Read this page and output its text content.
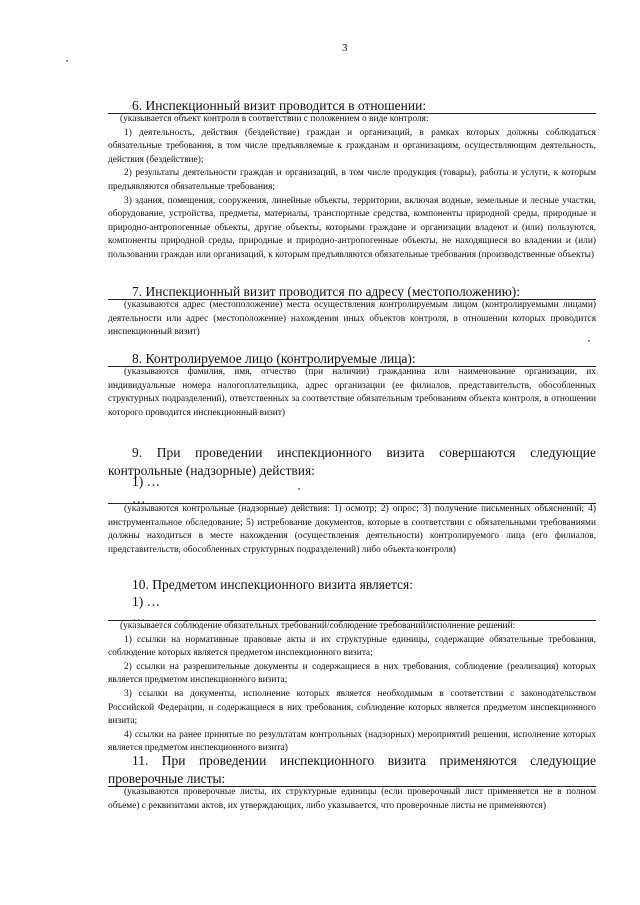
3
6. Инспекционный визит проводится в отношении:
(указывается объект контроля в соответствии с положением о виде контроля:
1) деятельность, действия (бездействие) граждан и организаций, в рамках которых должны соблюдаться обязательные требования, в том числе предъявляемые к гражданам и организациям, осуществляющим деятельность, действия (бездействие);
2) результаты деятельности граждан и организаций, в том числе продукция (товары), работы и услуги, к которым предъявляются обязательные требования;
3) здания, помещения, сооружения, линейные объекты, территории, включая водные, земельные и лесные участки, оборудование, устройства, предметы, материалы, транспортные средства, компоненты природной среды, природные и природно-антропогенные объекты, другие объекты, которыми граждане и организации владеют и (или) пользуются, компоненты природной среды, природные и природно-антропогенные объекты, не находящиеся во владении и (или) пользовании граждан или организаций, к которым предъявляются обязательные требования (производственные объекты)
7. Инспекционный визит проводится по адресу (местоположению):
(указываются адрес (местоположение) места осуществления контролируемым лицом (контролируемыми лицами) деятельности или адрес (местоположение) нахождения иных объектов контроля, в отношении которых проводится инспекционный визит)
8. Контролируемое лицо (контролируемые лица):
(указываются фамилия, имя, отчество (при наличии) гражданина или наименование организации, их индивидуальные номера налогоплательщика, адрес организации (ее филиалов, представительств, обособленных структурных подразделений), ответственных за соответствие обязательным требованиям объекта контроля, в отношении которого проводится инспекционный визит)
9. При проведении инспекционного визита совершаются следующие контрольные (надзорные) действия:
1) …
…
(указываются контрольные (надзорные) действия: 1) осмотр; 2) опрос; 3) получение письменных объяснений; 4) инструментальное обследование; 5) истребование документов, которые в соответствии с обязательными требованиями должны находиться в месте нахождения (осуществления деятельности) контролируемого лица (его филиалов, представительств, обособленных структурных подразделений) либо объекта контроля)
10. Предметом инспекционного визита является:
1) …
…
(указывается соблюдение обязательных требований/соблюдение требований/исполнение решений:
1) ссылки на нормативные правовые акты и их структурные единицы, содержащие обязательные требования, соблюдение которых является предметом инспекционного визита;
2) ссылки на разрешительные документы и содержащиеся в них требования, соблюдение (реализация) которых является предметом инспекционного визита;
3) ссылки на документы, исполнение которых является необходимым в соответствии с законодательством Российской Федерации, и содержащиеся в них требования, соблюдение которых является предметом инспекционного визита;
4) ссылки на ранее принятые по результатам контрольных (надзорных) мероприятий решения, исполнение которых является предметом инспекционного визита)
11. При проведении инспекционного визита применяются следующие проверочные листы:
(указываются проверочные листы, их структурные единицы (если проверочный лист применяется не в полном объеме) с реквизитами актов, их утверждающих, либо указывается, что проверочные листы не применяются)
